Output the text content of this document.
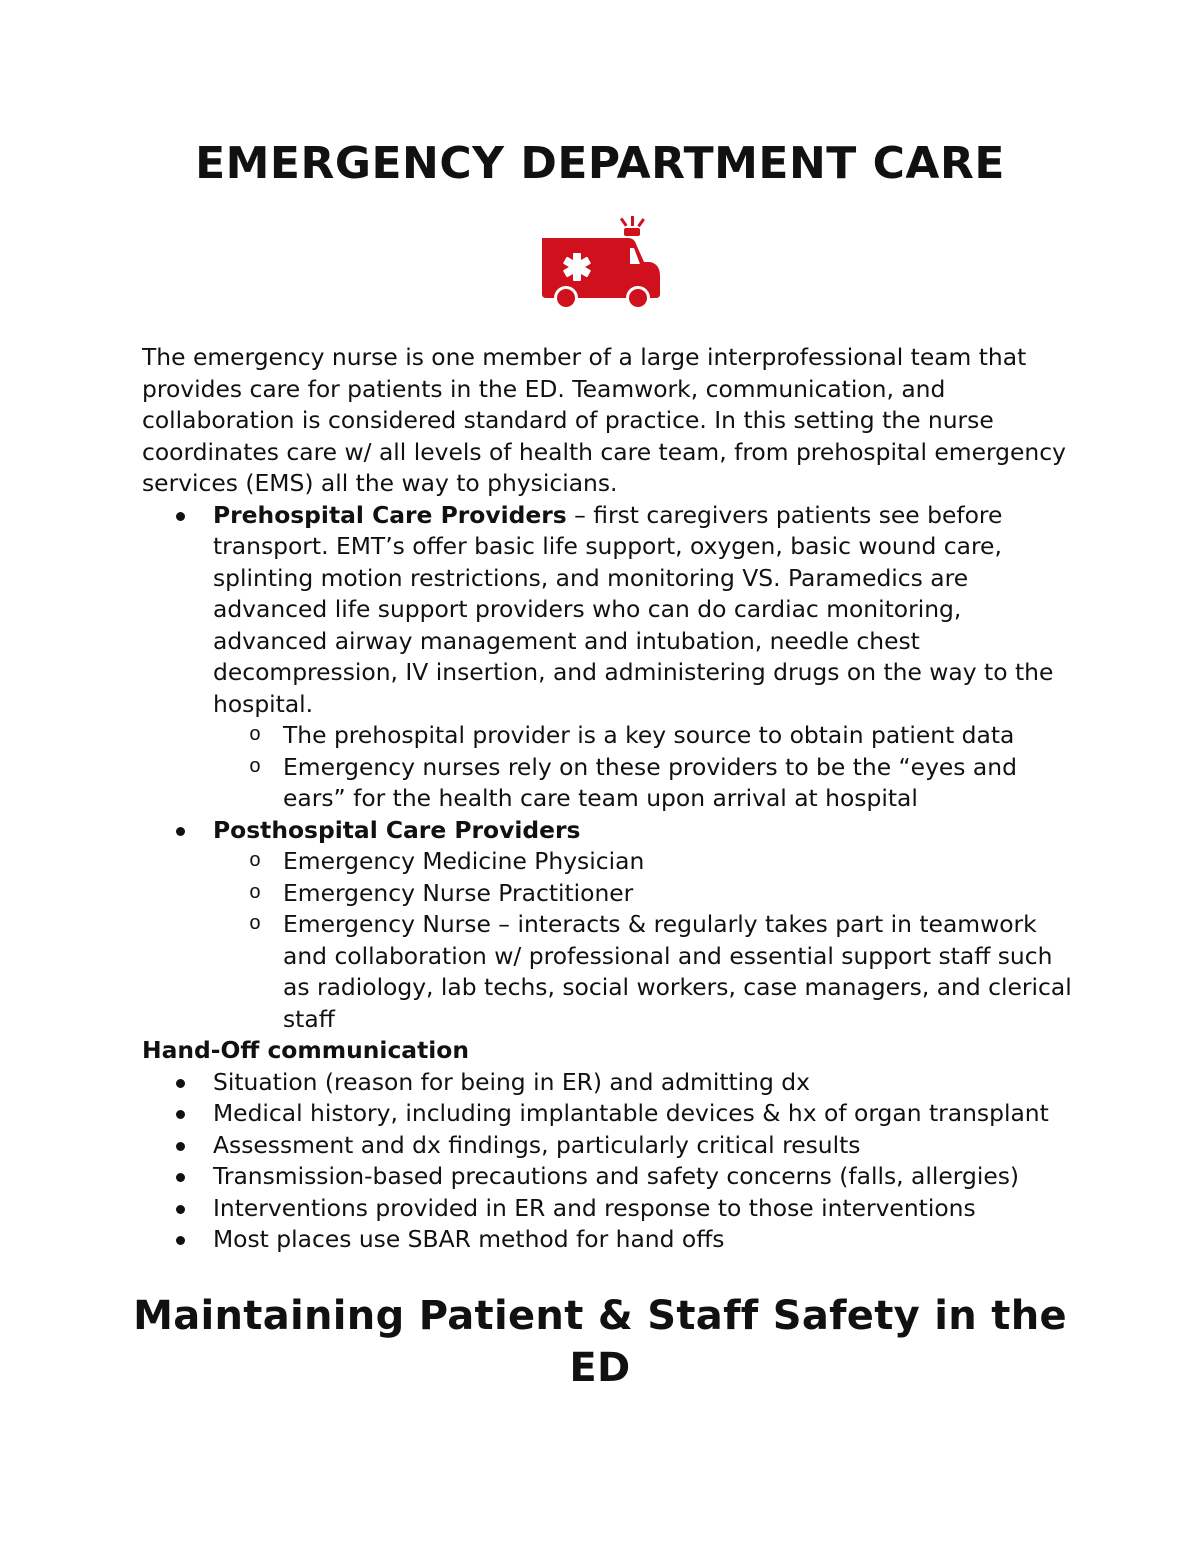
EMERGENCY DEPARTMENT CARE

The emergency nurse is one member of a large interprofessional team that provides care for patients in the ED. Teamwork, communication, and collaboration is considered standard of practice. In this setting the nurse coordinates care w/ all levels of health care team, from prehospital emergency services (EMS) all the way to physicians.

Prehospital Care Providers – first caregivers patients see before transport. EMT’s offer basic life support, oxygen, basic wound care, splinting motion restrictions, and monitoring VS. Paramedics are advanced life support providers who can do cardiac monitoring, advanced airway management and intubation, needle chest decompression, IV insertion, and administering drugs on the way to the hospital.
o The prehospital provider is a key source to obtain patient data
o Emergency nurses rely on these providers to be the “eyes and ears” for the health care team upon arrival at hospital
Posthospital Care Providers
o Emergency Medicine Physician
o Emergency Nurse Practitioner
o Emergency Nurse – interacts & regularly takes part in teamwork and collaboration w/ professional and essential support staff such as radiology, lab techs, social workers, case managers, and clerical staff
Hand-Off communication
Situation (reason for being in ER) and admitting dx
Medical history, including implantable devices & hx of organ transplant
Assessment and dx findings, particularly critical results
Transmission-based precautions and safety concerns (falls, allergies)
Interventions provided in ER and response to those interventions
Most places use SBAR method for hand offs
Maintaining Patient & Staff Safety in the ED
